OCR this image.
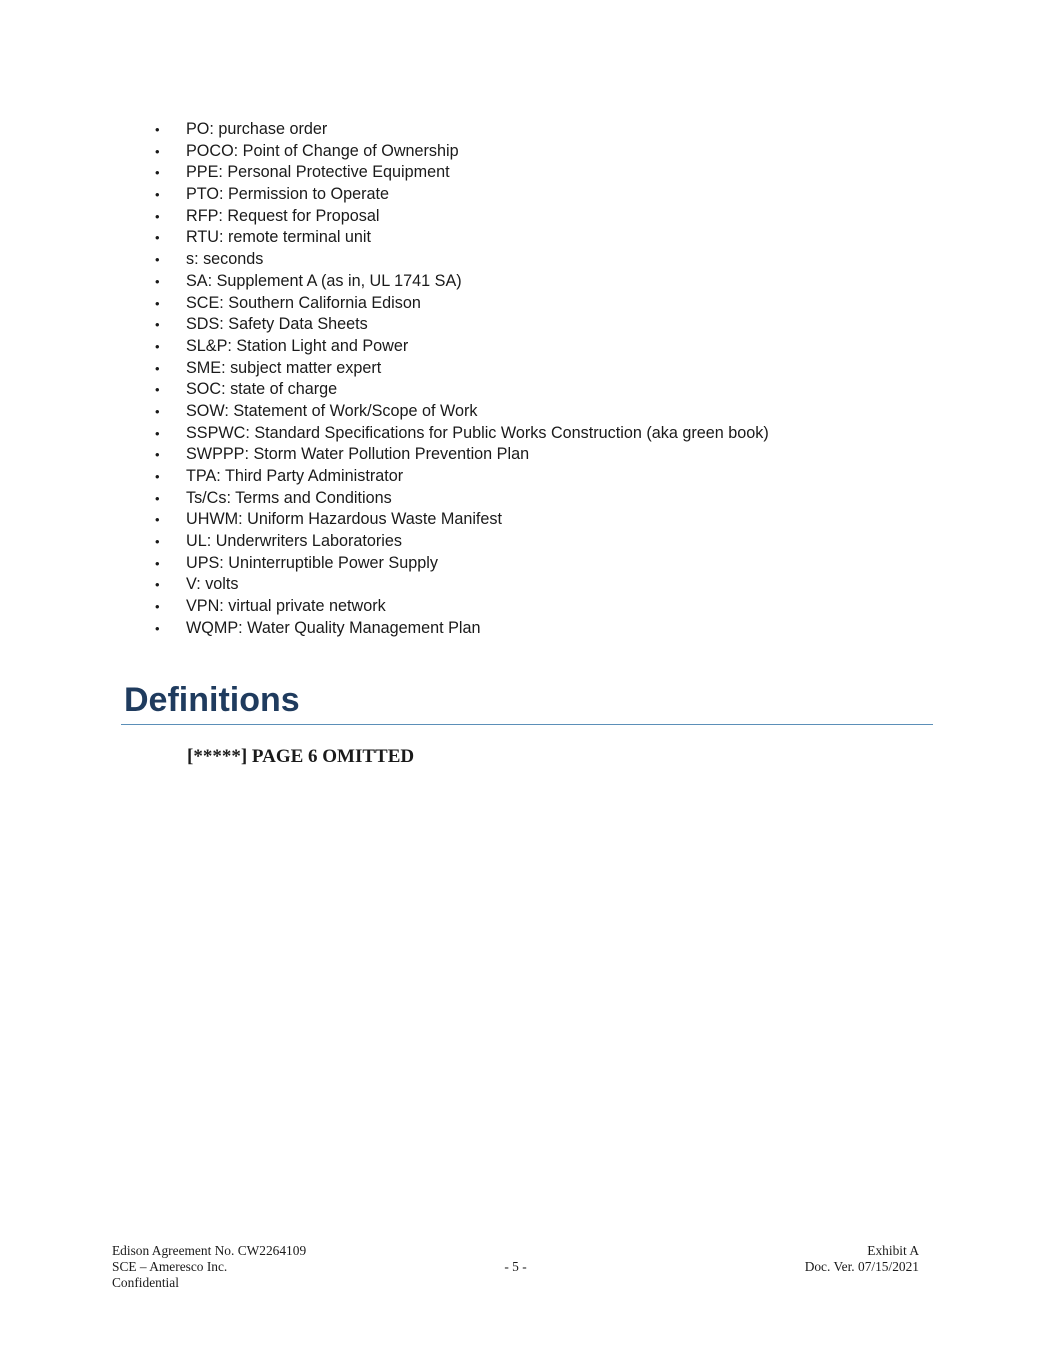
• PO: purchase order
• POCO: Point of Change of Ownership
• PPE: Personal Protective Equipment
• PTO: Permission to Operate
• RFP: Request for Proposal
• RTU: remote terminal unit
• s: seconds
• SA: Supplement A (as in, UL 1741 SA)
• SCE: Southern California Edison
• SDS: Safety Data Sheets
• SL&P: Station Light and Power
• SME: subject matter expert
• SOC: state of charge
• SOW: Statement of Work/Scope of Work
• SSPWC: Standard Specifications for Public Works Construction (aka green book)
• SWPPP: Storm Water Pollution Prevention Plan
• TPA: Third Party Administrator
• Ts/Cs: Terms and Conditions
• UHWM: Uniform Hazardous Waste Manifest
• UL: Underwriters Laboratories
• UPS: Uninterruptible Power Supply
• V: volts
• VPN: virtual private network
• WQMP: Water Quality Management Plan
Definitions
[*****] PAGE 6 OMITTED
Edison Agreement No. CW2264109
SCE – Ameresco Inc.
Confidential
- 5 -
Exhibit A
Doc. Ver. 07/15/2021
